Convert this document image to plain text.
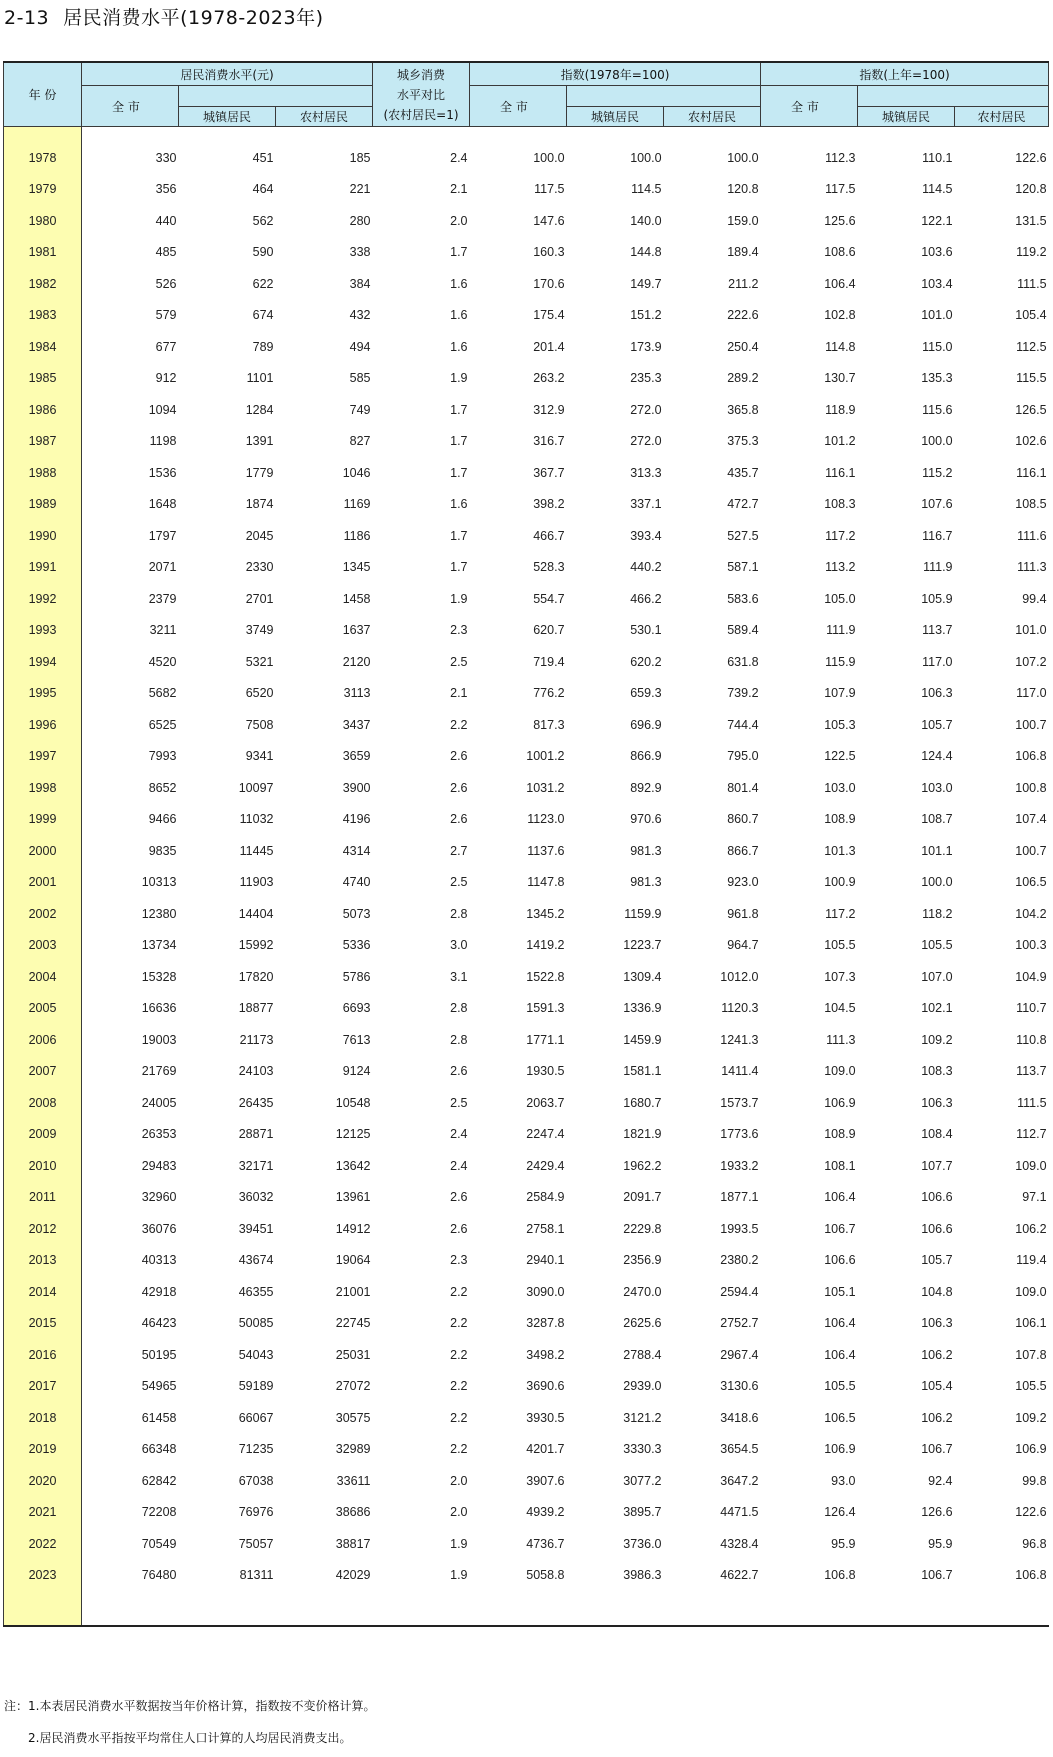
2-13 居民消费水平(1978-2023年)
年 份	居民消费水平(元)			城乡消费
水平对比
(农村居民=1)	指数(1978年=100)			指数(上年=100)		
	全 市				全 市			全 市		
		城镇居民	农村居民			城镇居民	农村居民		城镇居民	农村居民

1978	330	451	185	2.4	100.0	100.0	100.0	112.3	110.1	122.6
1979	356	464	221	2.1	117.5	114.5	120.8	117.5	114.5	120.8
1980	440	562	280	2.0	147.6	140.0	159.0	125.6	122.1	131.5
1981	485	590	338	1.7	160.3	144.8	189.4	108.6	103.6	119.2
1982	526	622	384	1.6	170.6	149.7	211.2	106.4	103.4	111.5
1983	579	674	432	1.6	175.4	151.2	222.6	102.8	101.0	105.4
1984	677	789	494	1.6	201.4	173.9	250.4	114.8	115.0	112.5
1985	912	1101	585	1.9	263.2	235.3	289.2	130.7	135.3	115.5
1986	1094	1284	749	1.7	312.9	272.0	365.8	118.9	115.6	126.5
1987	1198	1391	827	1.7	316.7	272.0	375.3	101.2	100.0	102.6
1988	1536	1779	1046	1.7	367.7	313.3	435.7	116.1	115.2	116.1
1989	1648	1874	1169	1.6	398.2	337.1	472.7	108.3	107.6	108.5
1990	1797	2045	1186	1.7	466.7	393.4	527.5	117.2	116.7	111.6
1991	2071	2330	1345	1.7	528.3	440.2	587.1	113.2	111.9	111.3
1992	2379	2701	1458	1.9	554.7	466.2	583.6	105.0	105.9	99.4
1993	3211	3749	1637	2.3	620.7	530.1	589.4	111.9	113.7	101.0
1994	4520	5321	2120	2.5	719.4	620.2	631.8	115.9	117.0	107.2
1995	5682	6520	3113	2.1	776.2	659.3	739.2	107.9	106.3	117.0
1996	6525	7508	3437	2.2	817.3	696.9	744.4	105.3	105.7	100.7
1997	7993	9341	3659	2.6	1001.2	866.9	795.0	122.5	124.4	106.8
1998	8652	10097	3900	2.6	1031.2	892.9	801.4	103.0	103.0	100.8
1999	9466	11032	4196	2.6	1123.0	970.6	860.7	108.9	108.7	107.4
2000	9835	11445	4314	2.7	1137.6	981.3	866.7	101.3	101.1	100.7
2001	10313	11903	4740	2.5	1147.8	981.3	923.0	100.9	100.0	106.5
2002	12380	14404	5073	2.8	1345.2	1159.9	961.8	117.2	118.2	104.2
2003	13734	15992	5336	3.0	1419.2	1223.7	964.7	105.5	105.5	100.3
2004	15328	17820	5786	3.1	1522.8	1309.4	1012.0	107.3	107.0	104.9
2005	16636	18877	6693	2.8	1591.3	1336.9	1120.3	104.5	102.1	110.7
2006	19003	21173	7613	2.8	1771.1	1459.9	1241.3	111.3	109.2	110.8
2007	21769	24103	9124	2.6	1930.5	1581.1	1411.4	109.0	108.3	113.7
2008	24005	26435	10548	2.5	2063.7	1680.7	1573.7	106.9	106.3	111.5
2009	26353	28871	12125	2.4	2247.4	1821.9	1773.6	108.9	108.4	112.7
2010	29483	32171	13642	2.4	2429.4	1962.2	1933.2	108.1	107.7	109.0
2011	32960	36032	13961	2.6	2584.9	2091.7	1877.1	106.4	106.6	97.1
2012	36076	39451	14912	2.6	2758.1	2229.8	1993.5	106.7	106.6	106.2
2013	40313	43674	19064	2.3	2940.1	2356.9	2380.2	106.6	105.7	119.4
2014	42918	46355	21001	2.2	3090.0	2470.0	2594.4	105.1	104.8	109.0
2015	46423	50085	22745	2.2	3287.8	2625.6	2752.7	106.4	106.3	106.1
2016	50195	54043	25031	2.2	3498.2	2788.4	2967.4	106.4	106.2	107.8
2017	54965	59189	27072	2.2	3690.6	2939.0	3130.6	105.5	105.4	105.5
2018	61458	66067	30575	2.2	3930.5	3121.2	3418.6	106.5	106.2	109.2
2019	66348	71235	32989	2.2	4201.7	3330.3	3654.5	106.9	106.7	106.9
2020	62842	67038	33611	2.0	3907.6	3077.2	3647.2	93.0	92.4	99.8
2021	72208	76976	38686	2.0	4939.2	3895.7	4471.5	126.4	126.6	122.6
2022	70549	75057	38817	1.9	4736.7	3736.0	4328.4	95.9	95.9	96.8
2023	76480	81311	42029	1.9	5058.8	3986.3	4622.7	106.8	106.7	106.8

注：1.本表居民消费水平数据按当年价格计算，指数按不变价格计算。
2.居民消费水平指按平均常住人口计算的人均居民消费支出。
